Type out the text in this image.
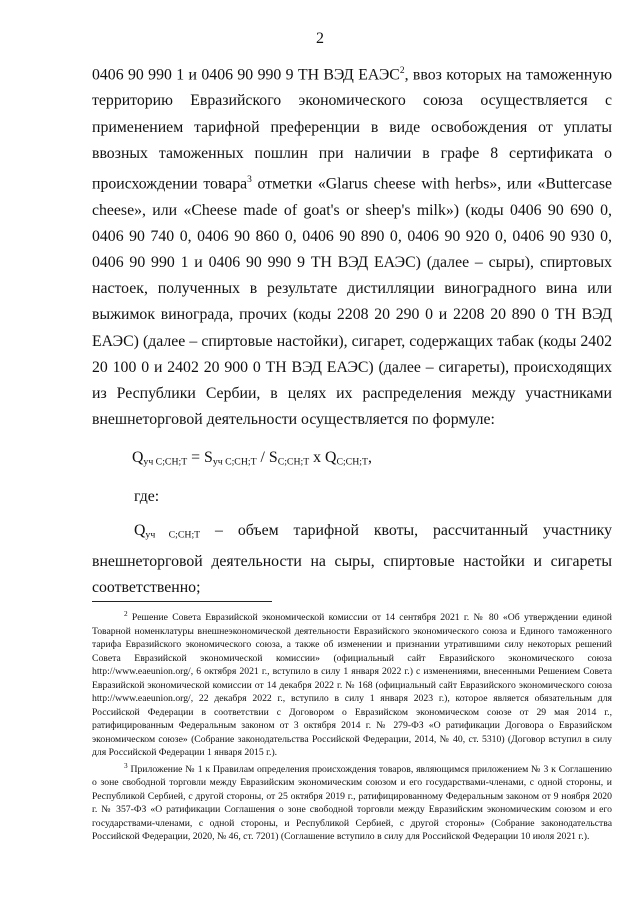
2

0406 90 990 1 и 0406 90 990 9 ТН ВЭД ЕАЭС$^2$, ввоз которых на таможенную территорию Евразийского экономического союза осуществляется с применением тарифной преференции в виде освобождения от уплаты ввозных таможенных пошлин при наличии в графе 8 сертификата о происхождении товара$^3$ отметки «Glarus cheese with herbs», или «Buttercase cheese», или «Cheese made of goat's or sheep's milk») (коды 0406 90 690 0, 0406 90 740 0, 0406 90 860 0, 0406 90 890 0, 0406 90 920 0, 0406 90 930 0, 0406 90 990 1 и 0406 90 990 9 ТН ВЭД ЕАЭС) (далее – сыры), спиртовых настоек, полученных в результате дистилляции виноградного вина или выжимок винограда, прочих (коды 2208 20 290 0 и 2208 20 890 0 ТН ВЭД ЕАЭС) (далее – спиртовые настойки), сигарет, содержащих табак (коды 2402 20 100 0 и 2402 20 900 0 ТН ВЭД ЕАЭС) (далее – сигареты), происходящих из Республики Сербии, в целях их распределения между участниками внешнеторговой деятельности осуществляется по формуле:

$Q_{уч С;СН;Т} = S_{уч С;СН;Т} / S_{С;СН;Т}$ x $Q_{С;СН;Т}$,

где:

$Q_{уч С;СН;Т}$ – объем тарифной квоты, рассчитанный участнику внешнеторговой деятельности на сыры, спиртовые настойки и сигареты соответственно;

$^2$ Решение Совета Евразийской экономической комиссии от 14 сентября 2021 г. № 80 «Об утверждении единой Товарной номенклатуры внешнеэкономической деятельности Евразийского экономического союза и Единого таможенного тарифа Евразийского экономического союза, а также об изменении и признании утратившими силу некоторых решений Совета Евразийской экономической комиссии» (официальный сайт Евразийского экономического союза http://www.eaeunion.org/, 6 октября 2021 г., вступило в силу 1 января 2022 г.) с изменениями, внесенными Решением Совета Евразийской экономической комиссии от 14 декабря 2022 г. № 168 (официальный сайт Евразийского экономического союза http://www.eaeunion.org/, 22 декабря 2022 г., вступило в силу 1 января 2023 г.), которое является обязательным для Российской Федерации в соответствии с Договором о Евразийском экономическом союзе от 29 мая 2014 г., ратифицированным Федеральным законом от 3 октября 2014 г. № 279-ФЗ «О ратификации Договора о Евразийском экономическом союзе» (Собрание законодательства Российской Федерации, 2014, № 40, ст. 5310) (Договор вступил в силу для Российской Федерации 1 января 2015 г.).

$^3$ Приложение № 1 к Правилам определения происхождения товаров, являющимся приложением № 3 к Соглашению о зоне свободной торговли между Евразийским экономическим союзом и его государствами-членами, с одной стороны, и Республикой Сербией, с другой стороны, от 25 октября 2019 г., ратифицированному Федеральным законом от 9 ноября 2020 г. № 357-ФЗ «О ратификации Соглашения о зоне свободной торговли между Евразийским экономическим союзом и его государствами-членами, с одной стороны, и Республикой Сербией, с другой стороны» (Собрание законодательства Российской Федерации, 2020, № 46, ст. 7201) (Соглашение вступило в силу для Российской Федерации 10 июля 2021 г.).
